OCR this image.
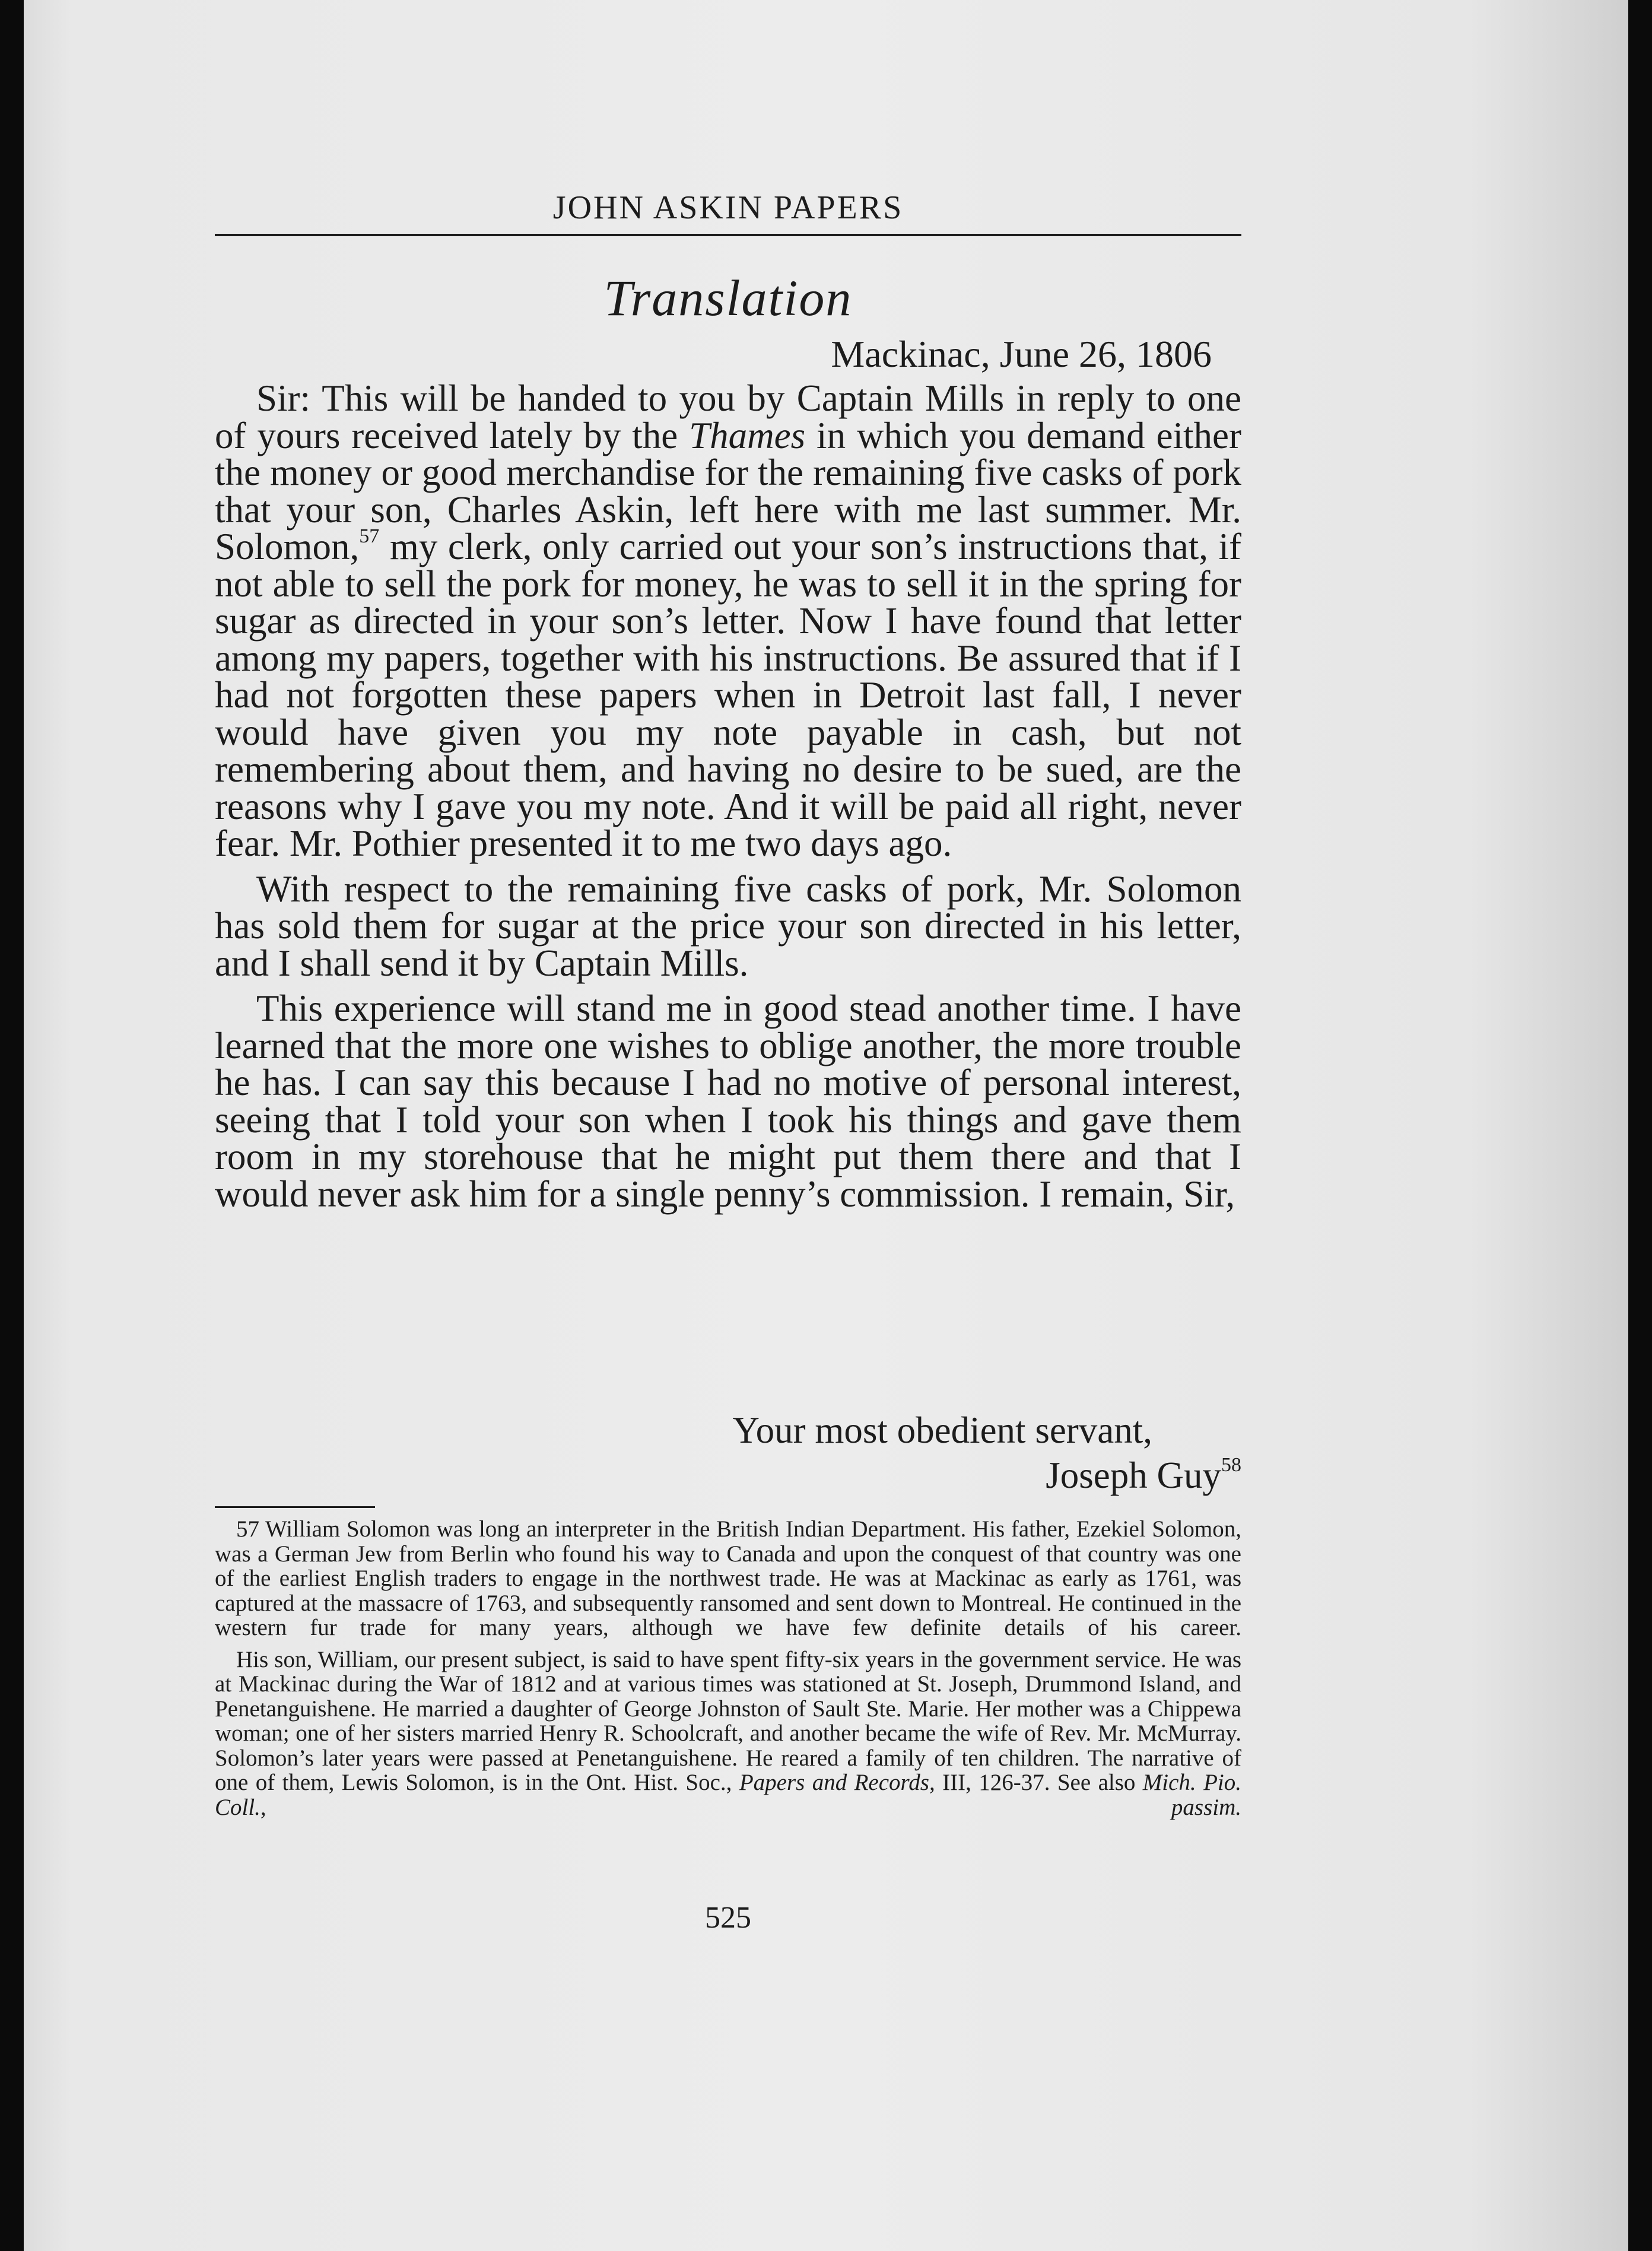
JOHN ASKIN PAPERS
Translation
Mackinac, June 26, 1806

Sir: This will be handed to you by Captain Mills in reply to one of yours received lately by the Thames in which you demand either the money or good merchandise for the remaining five casks of pork that your son, Charles Askin, left here with me last summer. Mr. Solomon,$^{57}$ my clerk, only carried out your son’s instructions that, if not able to sell the pork for money, he was to sell it in the spring for sugar as directed in your son’s letter. Now I have found that letter among my papers, together with his instructions. Be assured that if I had not forgotten these papers when in Detroit last fall, I never would have given you my note payable in cash, but not remembering about them, and having no desire to be sued, are the reasons why I gave you my note. And it will be paid all right, never fear. Mr. Pothier presented it to me two days ago.

With respect to the remaining five casks of pork, Mr. Solomon has sold them for sugar at the price your son directed in his letter, and I shall send it by Captain Mills.

This experience will stand me in good stead another time. I have learned that the more one wishes to oblige another, the more trouble he has. I can say this because I had no motive of personal interest, seeing that I told your son when I took his things and gave them room in my storehouse that he might put them there and that I would never ask him for a single penny’s commission. I remain, Sir,

Your most obedient servant,
Joseph Guy$^{58}$

57 William Solomon was long an interpreter in the British Indian Department. His father, Ezekiel Solomon, was a German Jew from Berlin who found his way to Canada and upon the conquest of that country was one of the earliest English traders to engage in the northwest trade. He was at Mackinac as early as 1761, was captured at the massacre of 1763, and subsequently ransomed and sent down to Montreal. He continued in the western fur trade for many years, although we have few definite details of his career.

His son, William, our present subject, is said to have spent fifty-six years in the government service. He was at Mackinac during the War of 1812 and at various times was stationed at St. Joseph, Drummond Island, and Penetanguishene. He married a daughter of George Johnston of Sault Ste. Marie. Her mother was a Chippewa woman; one of her sisters married Henry R. Schoolcraft, and another became the wife of Rev. Mr. McMurray. Solomon’s later years were passed at Penetanguishene. He reared a family of ten children. The narrative of one of them, Lewis Solomon, is in the Ont. Hist. Soc., Papers and Records, III, 126-37. See also Mich. Pio. Coll., passim.

525
